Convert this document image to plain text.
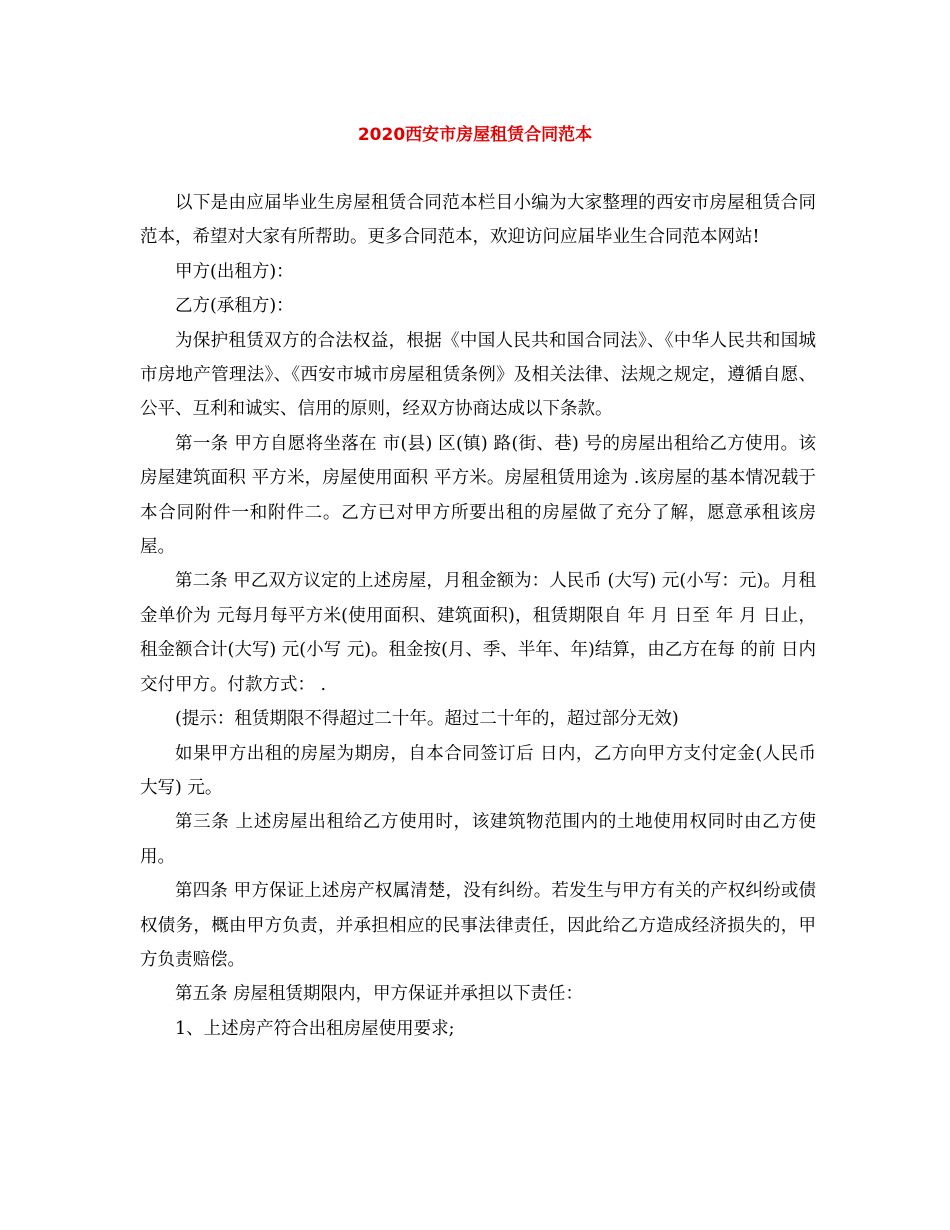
2020西安市房屋租赁合同范本

以下是由应届毕业生房屋租赁合同范本栏目小编为大家整理的西安市房屋租赁合同范本，希望对大家有所帮助。更多合同范本，欢迎访问应届毕业生合同范本网站!

甲方(出租方)：

乙方(承租方)：

为保护租赁双方的合法权益，根据《中国人民共和国合同法》、《中华人民共和国城市房地产管理法》、《西安市城市房屋租赁条例》及相关法律、法规之规定，遵循自愿、公平、互利和诚实、信用的原则，经双方协商达成以下条款。

第一条 甲方自愿将坐落在 市(县) 区(镇) 路(街、巷) 号的房屋出租给乙方使用。该房屋建筑面积 平方米，房屋使用面积 平方米。房屋租赁用途为 .该房屋的基本情况载于本合同附件一和附件二。乙方已对甲方所要出租的房屋做了充分了解，愿意承租该房屋。

第二条 甲乙双方议定的上述房屋，月租金额为：人民币 (大写) 元(小写：元)。月租金单价为 元每月每平方米(使用面积、建筑面积)，租赁期限自 年 月 日至 年 月 日止，租金额合计(大写) 元(小写 元)。租金按(月、季、半年、年)结算，由乙方在每 的前 日内交付甲方。付款方式： .

(提示：租赁期限不得超过二十年。超过二十年的，超过部分无效)

如果甲方出租的房屋为期房，自本合同签订后 日内，乙方向甲方支付定金(人民币大写) 元。

第三条 上述房屋出租给乙方使用时，该建筑物范围内的土地使用权同时由乙方使用。

第四条 甲方保证上述房产权属清楚，没有纠纷。若发生与甲方有关的产权纠纷或债权债务，概由甲方负责，并承担相应的民事法律责任，因此给乙方造成经济损失的，甲方负责赔偿。

第五条 房屋租赁期限内，甲方保证并承担以下责任：

1、上述房产符合出租房屋使用要求;
